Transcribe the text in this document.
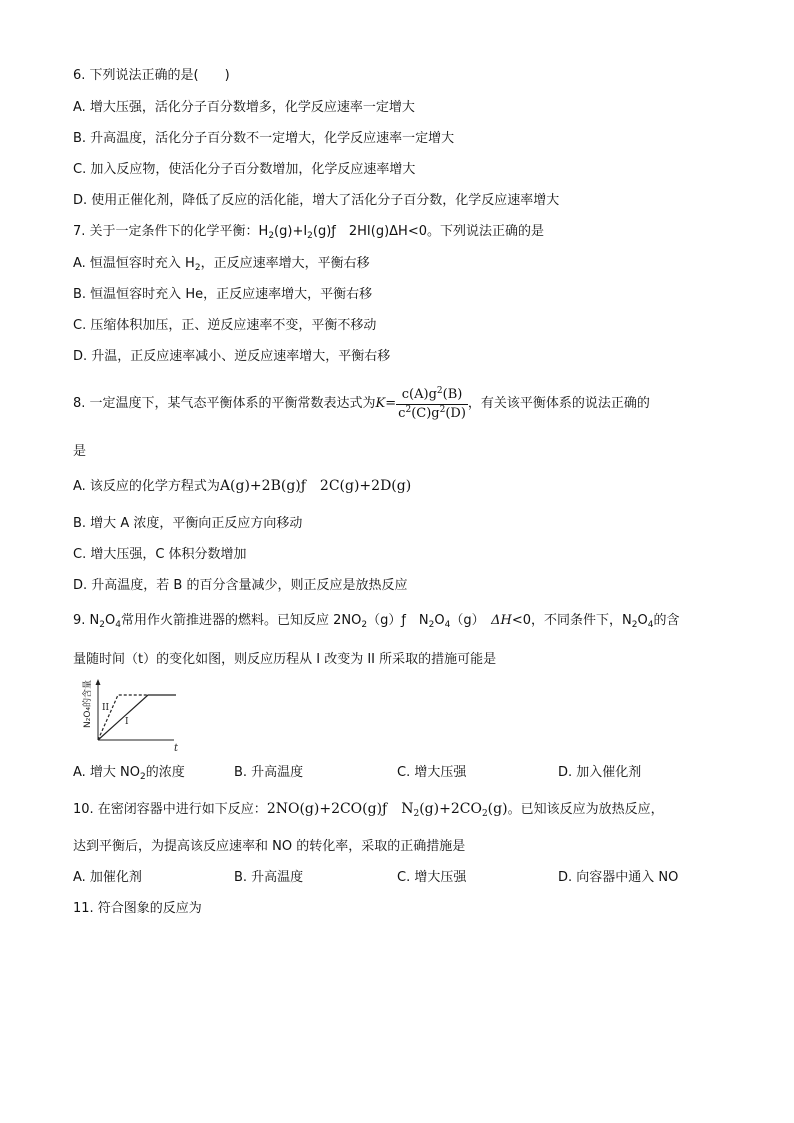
6. 下列说法正确的是(　　)
A. 增大压强，活化分子百分数增多，化学反应速率一定增大
B. 升高温度，活化分子百分数不一定增大，化学反应速率一定增大
C. 加入反应物，使活化分子百分数增加，化学反应速率增大
D. 使用正催化剂，降低了反应的活化能，增大了活化分子百分数，化学反应速率增大
7. 关于一定条件下的化学平衡：$H_2(g)+I_2(g)ƒ$　2HI(g)ΔH<0。下列说法正确的是
A. 恒温恒容时充入 $H_2$，正反应速率增大，平衡右移
B. 恒温恒容时充入 He，正反应速率增大，平衡右移
C. 压缩体积加压，正、逆反应速率不变，平衡不移动
D. 升温，正反应速率减小、逆反应速率增大，平衡右移
8. 一定温度下，某气态平衡体系的平衡常数表达式为$K= \frac{c(A)g^2(B)}{c^2(C)g^2(D)}$ ，有关该平衡体系的说法正确的
是
A. 该反应的化学方程式为A(g)+2B(g)ƒ　2C(g)+2D(g)
B. 增大 A 浓度，平衡向正反应方向移动
C. 增大压强，C 体积分数增加
D. 升高温度，若 B 的百分含量减少，则正反应是放热反应
9. $N_2O_4$常用作火箭推进器的燃料。已知反应 $2NO_2(g)ƒ$　$N_2O_4(g)$　ΔH<0，不同条件下，$N_2O_4$的含
量随时间（t）的变化如图，则反应历程从 I 改变为 II 所采取的措施可能是
N₂O₄的含量
t
II
I
A. 增大 $NO_2$的浓度	B. 升高温度	C. 增大压强	D. 加入催化剂
10. 在密闭容器中进行如下反应：2NO(g)+2CO(g)ƒ　$N_2(g)+2CO_2(g)$。已知该反应为放热反应，
达到平衡后，为提高该反应速率和 NO 的转化率，采取的正确措施是
A. 加催化剂	B. 升高温度	C. 增大压强	D. 向容器中通入 NO
11. 符合图象的反应为
